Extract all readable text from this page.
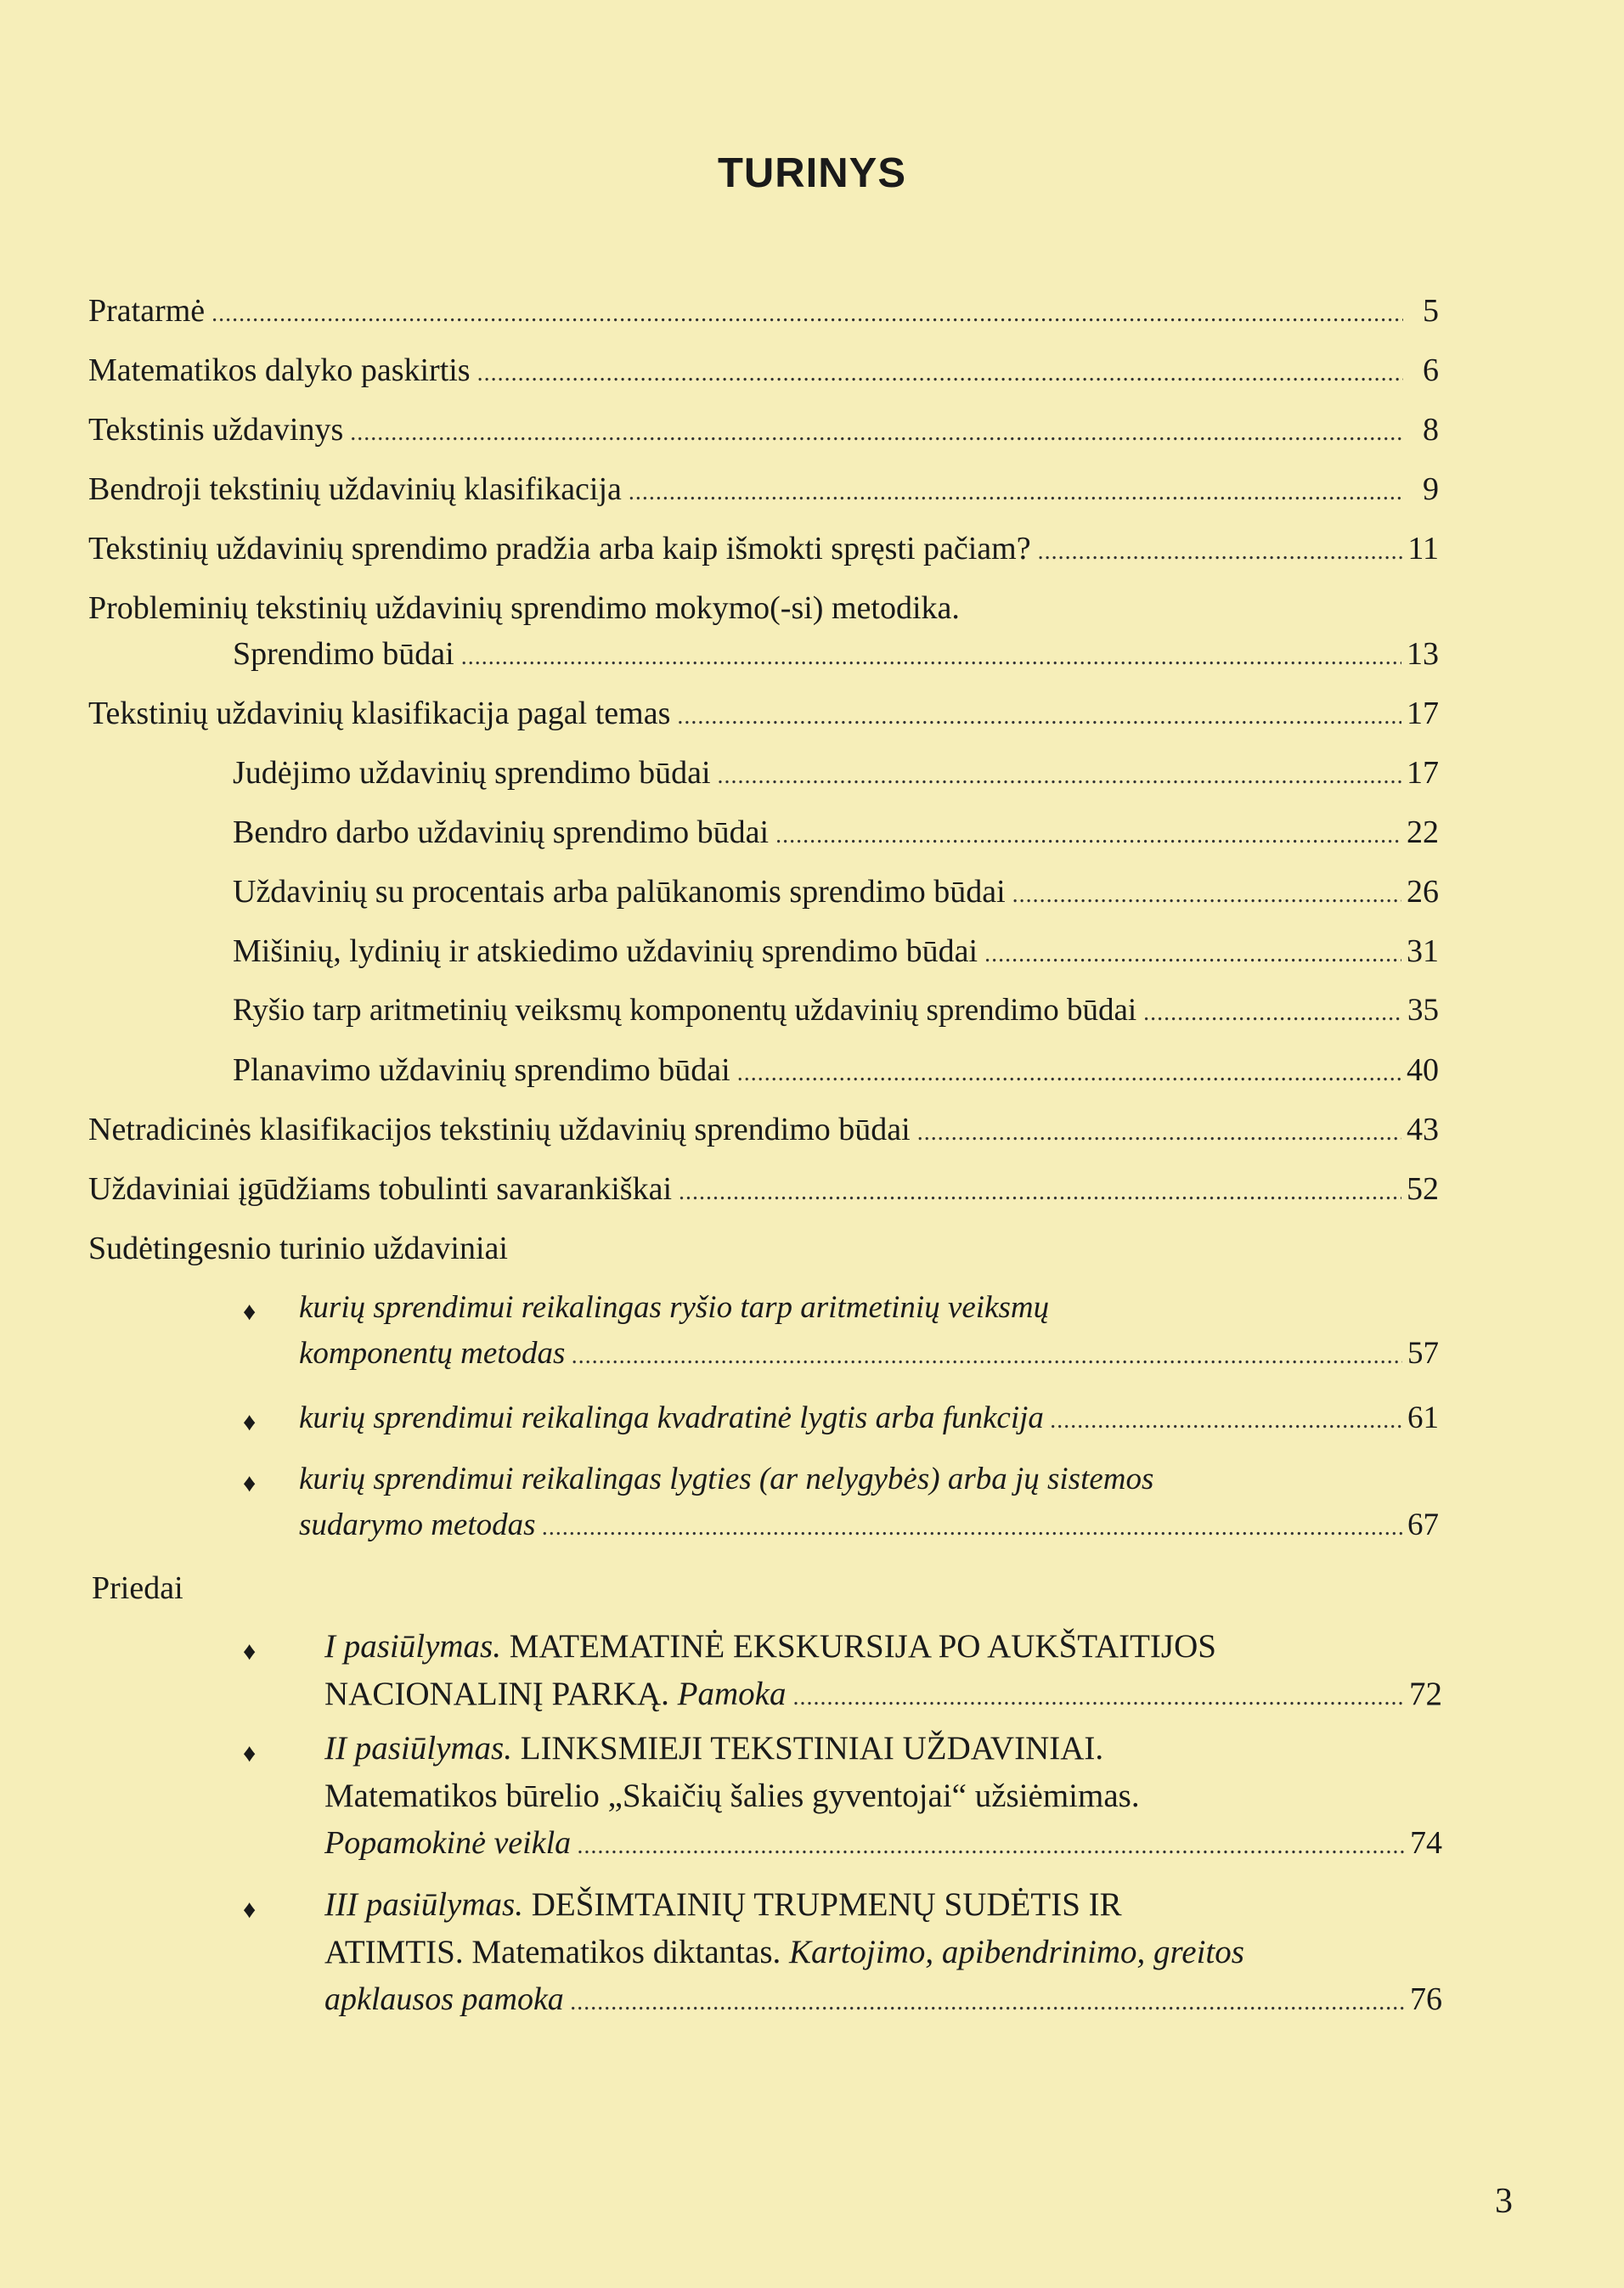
TURINYS
Pratarmė .....	5
Matematikos dalyko paskirtis .....	6
Tekstinis uždavinys .....	8
Bendroji tekstinių uždavinių klasifikacija .....	9
Tekstinių uždavinių sprendimo pradžia arba kaip išmokti spręsti pačiam? .....	11
Probleminių tekstinių uždavinių sprendimo mokymo(-si) metodika.
Sprendimo būdai .....	13
Tekstinių uždavinių klasifikacija pagal temas .....	17
Judėjimo uždavinių sprendimo būdai .....	17
Bendro darbo uždavinių sprendimo būdai .....	22
Uždavinių su procentais arba palūkanomis sprendimo būdai .....	26
Mišinių, lydinių ir atskiedimo uždavinių sprendimo būdai .....	31
Ryšio tarp aritmetinių veiksmų komponentų uždavinių sprendimo būdai .....	35
Planavimo uždavinių sprendimo būdai .....	40
Netradicinės klasifikacijos tekstinių uždavinių sprendimo būdai .....	43
Uždaviniai įgūdžiams tobulinti savarankiškai .....	52
Sudėtingesnio turinio uždaviniai
♦ kurių sprendimui reikalingas ryšio tarp aritmetinių veiksmų
komponentų metodas .....	57
♦ kurių sprendimui reikalinga kvadratinė lygtis arba funkcija .....	61
♦ kurių sprendimui reikalingas lygties (ar nelygybės) arba jų sistemos
sudarymo metodas .....	67
Priedai
♦ I pasiūlymas. MATEMATINĖ EKSKURSIJA PO AUKŠTAITIJOS
NACIONALINĮ PARKĄ. Pamoka .....	72
♦ II pasiūlymas. LINKSMIEJI TEKSTINIAI UŽDAVINIAI.
Matematikos būrelio „Skaičių šalies gyventojai“ užsiėmimas.
Popamokinė veikla .....	74
♦ III pasiūlymas. DEŠIMTAINIŲ TRUPMENŲ SUDĖTIS IR
ATIMTIS. Matematikos diktantas. Kartojimo, apibendrinimo, greitos
apklausos pamoka .....	76
3
